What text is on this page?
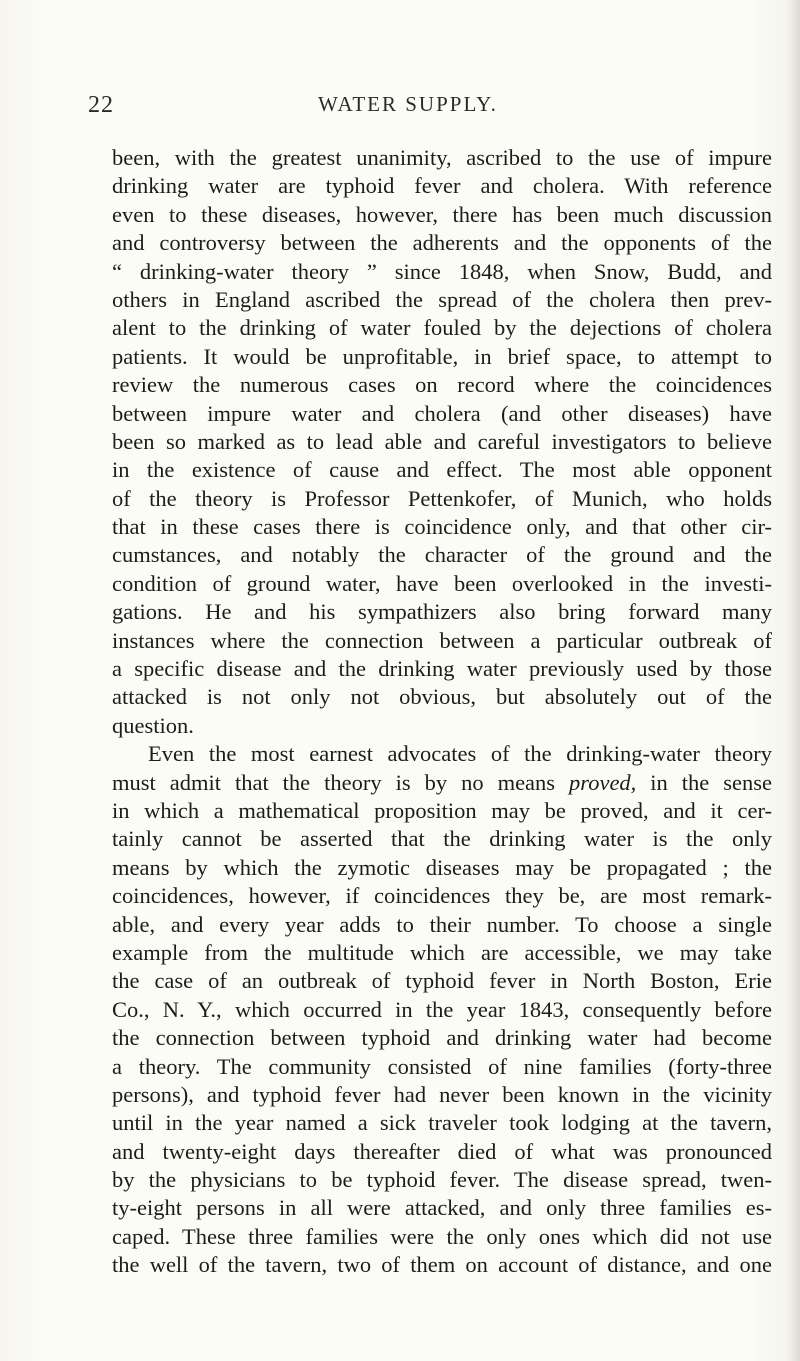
22	WATER SUPPLY.
been, with the greatest unanimity, ascribed to the use of impure
drinking water are typhoid fever and cholera. With reference
even to these diseases, however, there has been much discussion
and controversy between the adherents and the opponents of the
“ drinking-water theory ” since 1848, when Snow, Budd, and
others in England ascribed the spread of the cholera then prev-
alent to the drinking of water fouled by the dejections of cholera
patients. It would be unprofitable, in brief space, to attempt to
review the numerous cases on record where the coincidences
between impure water and cholera (and other diseases) have
been so marked as to lead able and careful investigators to believe
in the existence of cause and effect. The most able opponent
of the theory is Professor Pettenkofer, of Munich, who holds
that in these cases there is coincidence only, and that other cir-
cumstances, and notably the character of the ground and the
condition of ground water, have been overlooked in the investi-
gations. He and his sympathizers also bring forward many
instances where the connection between a particular outbreak of
a specific disease and the drinking water previously used by those
attacked is not only not obvious, but absolutely out of the
question.
Even the most earnest advocates of the drinking-water theory
must admit that the theory is by no means proved, in the sense
in which a mathematical proposition may be proved, and it cer-
tainly cannot be asserted that the drinking water is the only
means by which the zymotic diseases may be propagated ; the
coincidences, however, if coincidences they be, are most remark-
able, and every year adds to their number. To choose a single
example from the multitude which are accessible, we may take
the case of an outbreak of typhoid fever in North Boston, Erie
Co., N. Y., which occurred in the year 1843, consequently before
the connection between typhoid and drinking water had become
a theory. The community consisted of nine families (forty-three
persons), and typhoid fever had never been known in the vicinity
until in the year named a sick traveler took lodging at the tavern,
and twenty-eight days thereafter died of what was pronounced
by the physicians to be typhoid fever. The disease spread, twen-
ty-eight persons in all were attacked, and only three families es-
caped. These three families were the only ones which did not use
the well of the tavern, two of them on account of distance, and one
